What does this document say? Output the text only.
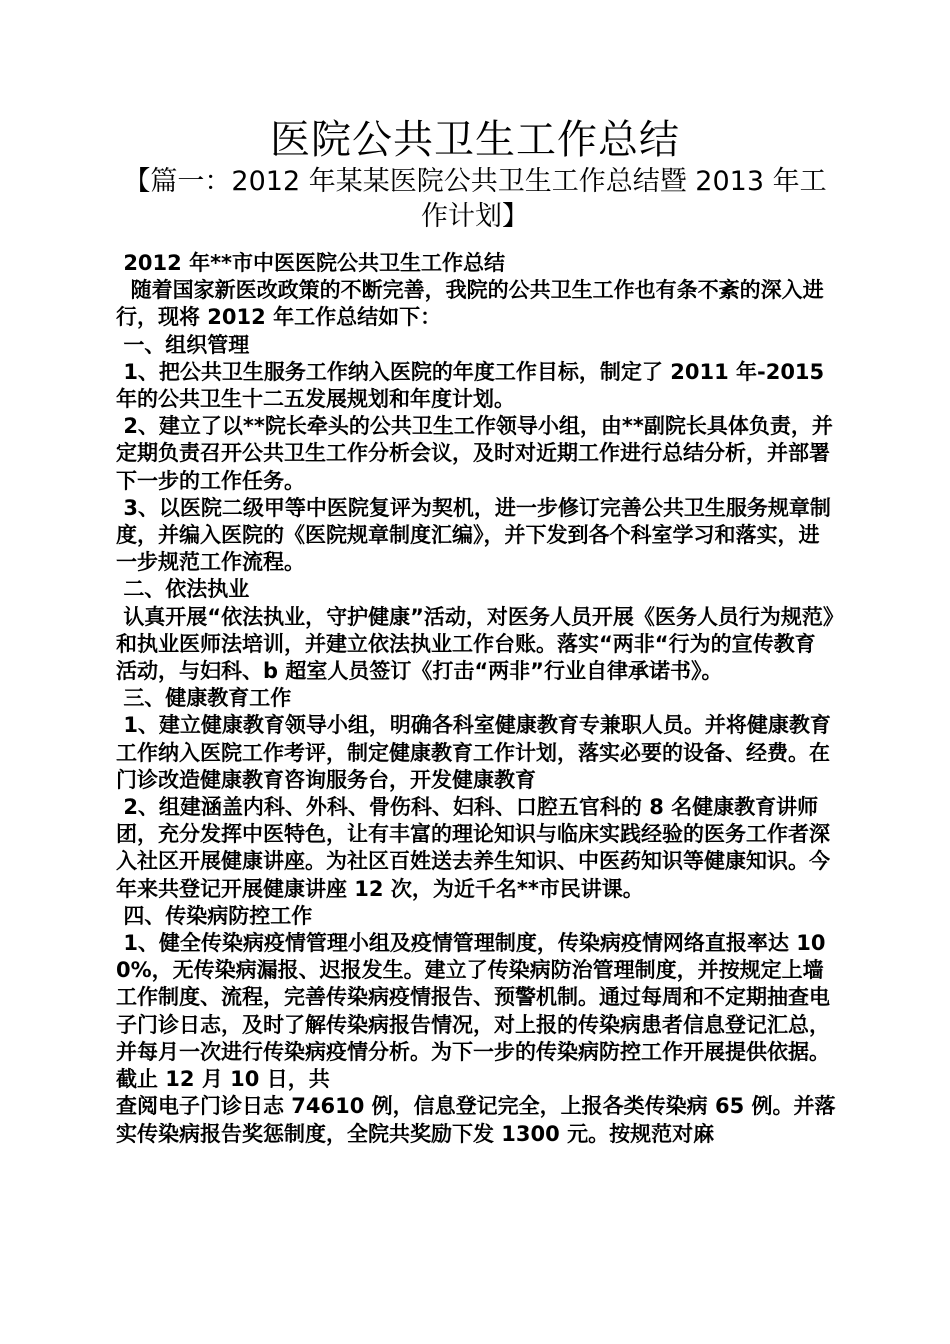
医院公共卫生工作总结
【篇一：2012 年某某医院公共卫生工作总结暨 2013 年工作计划】

2012 年**市中医医院公共卫生工作总结

随着国家新医改政策的不断完善，我院的公共卫生工作也有条不紊的深入进行，现将 2012 年工作总结如下：

一、组织管理

1、把公共卫生服务工作纳入医院的年度工作目标，制定了 2011 年-2015 年的公共卫生十二五发展规划和年度计划。

2、建立了以**院长牵头的公共卫生工作领导小组，由**副院长具体负责，并定期负责召开公共卫生工作分析会议，及时对近期工作进行总结分析，并部署下一步的工作任务。

3、以医院二级甲等中医院复评为契机，进一步修订完善公共卫生服务规章制度，并编入医院的《医院规章制度汇编》，并下发到各个科室学习和落实，进一步规范工作流程。

二、依法执业

认真开展“依法执业，守护健康”活动，对医务人员开展《医务人员行为规范》和执业医师法培训，并建立依法执业工作台账。落实“两非“行为的宣传教育活动，与妇科、b 超室人员签订《打击“两非”行业自律承诺书》。

三、健康教育工作

1、建立健康教育领导小组，明确各科室健康教育专兼职人员。并将健康教育工作纳入医院工作考评，制定健康教育工作计划，落实必要的设备、经费。在门诊改造健康教育咨询服务台，开发健康教育

2、组建涵盖内科、外科、骨伤科、妇科、口腔五官科的 8 名健康教育讲师团，充分发挥中医特色，让有丰富的理论知识与临床实践经验的医务工作者深入社区开展健康讲座。为社区百姓送去养生知识、中医药知识等健康知识。今年来共登记开展健康讲座 12 次，为近千名**市民讲课。

四、传染病防控工作

1、健全传染病疫情管理小组及疫情管理制度，传染病疫情网络直报率达 100%，无传染病漏报、迟报发生。建立了传染病防治管理制度，并按规定上墙工作制度、流程，完善传染病疫情报告、预警机制。通过每周和不定期抽查电子门诊日志，及时了解传染病报告情况，对上报的传染病患者信息登记汇总，并每月一次进行传染病疫情分析。为下一步的传染病防控工作开展提供依据。截止 12 月 10 日，共

查阅电子门诊日志 74610 例，信息登记完全，上报各类传染病 65 例。并落实传染病报告奖惩制度，全院共奖励下发 1300 元。按规范对麻
